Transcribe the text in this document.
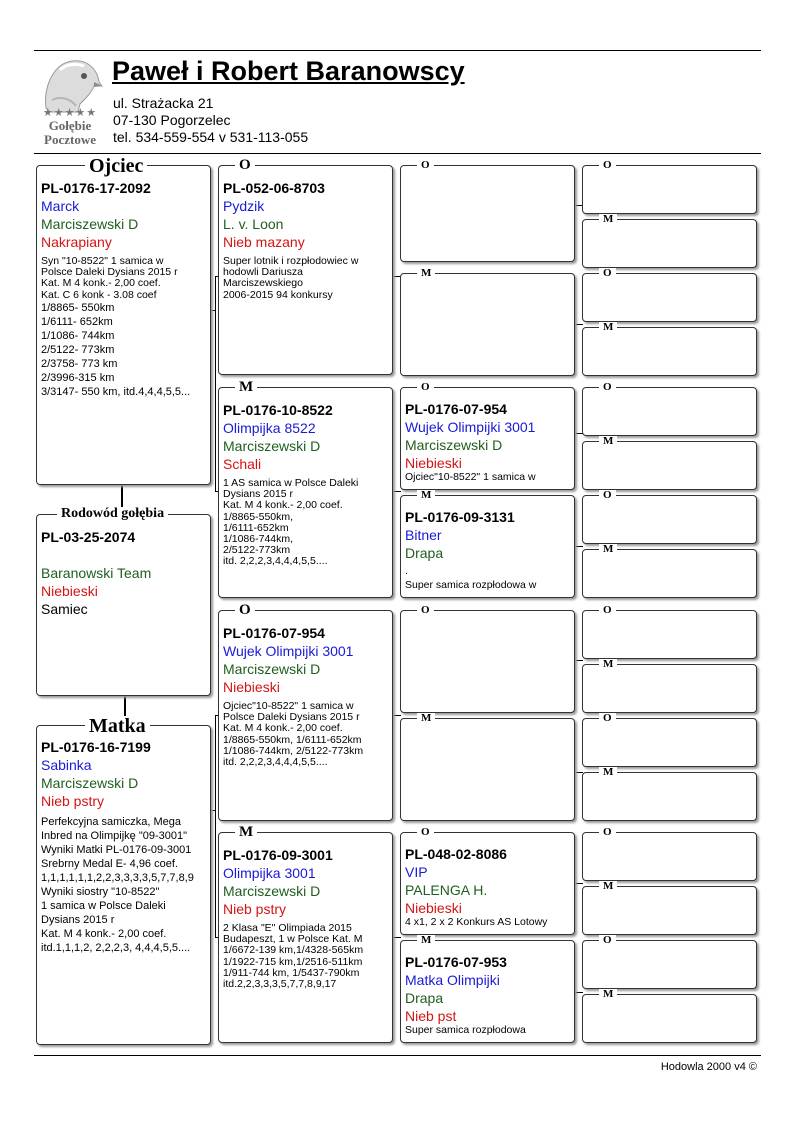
★★★★★
Gołębie
Pocztowe
Paweł i Robert Baranowscy
ul. Strażacka 21
07-130 Pogorzelec
tel. 534-559-554 v 531-113-055
Ojciec
PL-0176-17-2092
Marck
Marciszewski D
Nakrapiany
Syn "10-8522" 1 samica w
Polsce Daleki Dysians 2015 r
Kat. M 4 konk.- 2,00 coef.
Kat. C 6 konk - 3.08 coef
1/8865- 550km
1/6111- 652km
1/1086- 744km
2/5122- 773km
2/3758- 773 km
2/3996-315 km
3/3147- 550 km, itd.4,4,4,5,5...
Rodowód gołębia
PL-03-25-2074
Baranowski Team
Niebieski
Samiec
Matka
PL-0176-16-7199
Sabinka
Marciszewski D
Nieb pstry
Perfekcyjna samiczka, Mega
Inbred na Olimpijkę "09-3001"
Wyniki Matki PL-0176-09-3001
Srebrny Medal E- 4,96 coef.
1,1,1,1,1,1,2,2,3,3,3,3,5,7,7,8,9
Wyniki siostry "10-8522"
1 samica w Polsce Daleki
Dysians 2015 r
Kat. M 4 konk.- 2,00 coef.
itd.1,1,1,2, 2,2,2,3, 4,4,4,5,5....
O
PL-052-06-8703
Pydzik
L. v. Loon
Nieb mazany
Super lotnik i rozpłodowiec w
hodowli Dariusza
Marciszewskiego
2006-2015 94 konkursy
M
PL-0176-10-8522
Olimpijka 8522
Marciszewski D
Schali
1 AS samica w Polsce Daleki
Dysians 2015 r
Kat. M 4 konk.- 2,00 coef.
1/8865-550km,
1/6111-652km
1/1086-744km,
2/5122-773km
itd. 2,2,2,3,4,4,4,5,5....
O
PL-0176-07-954
Wujek Olimpijki 3001
Marciszewski D
Niebieski
Ojciec"10-8522" 1 samica w
Polsce Daleki Dysians 2015 r
Kat. M 4 konk.- 2,00 coef.
1/8865-550km, 1/6111-652km
1/1086-744km, 2/5122-773km
itd. 2,2,2,3,4,4,4,5,5....
M
PL-0176-09-3001
Olimpijka 3001
Marciszewski D
Nieb pstry
2 Klasa "E" Olimpiada 2015
Budapeszt, 1 w Polsce Kat. M
1/6672-139 km,1/4328-565km
1/1922-715 km,1/2516-511km
1/911-744 km, 1/5437-790km
itd.2,2,3,3,3,5,7,7,8,9,17
O
M
O
PL-0176-07-954
Wujek Olimpijki 3001
Marciszewski D
Niebieski
Ojciec"10-8522" 1 samica w
M
PL-0176-09-3131
Bitner
Drapa
.
Super samica rozpłodowa w
O
M
O
PL-048-02-8086
VIP
PALENGA H.
Niebieski
4 x1, 2 x 2 Konkurs AS Lotowy
M
PL-0176-07-953
Matka Olimpijki
Drapa
Nieb pst
Super samica rozpłodowa
O
M
O
M
O
M
O
M
O
M
O
M
O
M
O
M
Hodowla 2000 v4 ©
